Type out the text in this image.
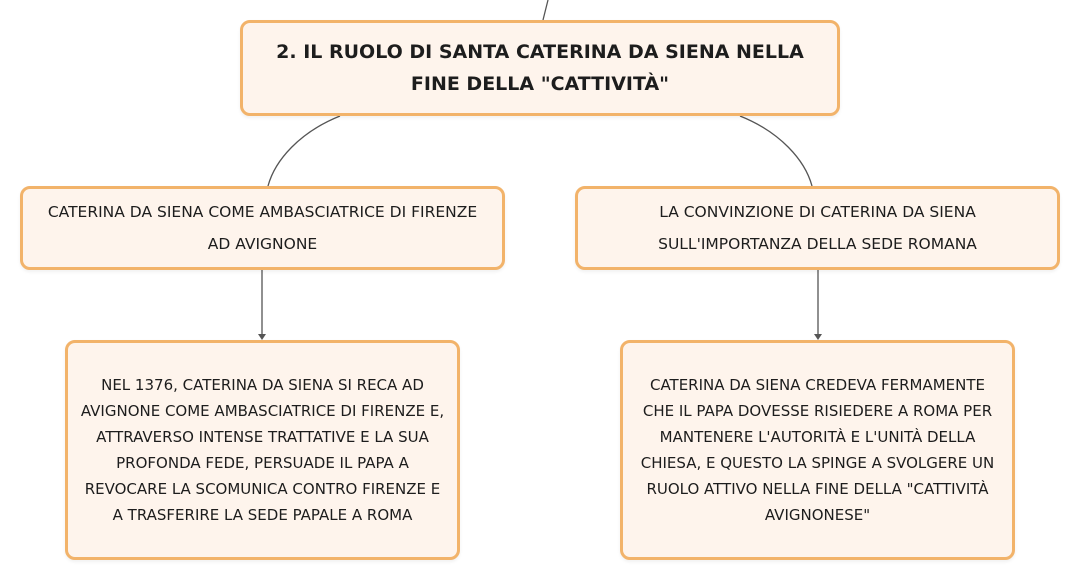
2. IL RUOLO DI SANTA CATERINA DA SIENA NELLA FINE DELLA "CATTIVITÀ"
CATERINA DA SIENA COME AMBASCIATRICE DI FIRENZE AD AVIGNONE
LA CONVINZIONE DI CATERINA DA SIENA SULL'IMPORTANZA DELLA SEDE ROMANA
NEL 1376, CATERINA DA SIENA SI RECA AD AVIGNONE COME AMBASCIATRICE DI FIRENZE E, ATTRAVERSO INTENSE TRATTATIVE E LA SUA PROFONDA FEDE, PERSUADE IL PAPA A REVOCARE LA SCOMUNICA CONTRO FIRENZE E A TRASFERIRE LA SEDE PAPALE A ROMA
CATERINA DA SIENA CREDEVA FERMAMENTE CHE IL PAPA DOVESSE RISIEDERE A ROMA PER MANTENERE L'AUTORITÀ E L'UNITÀ DELLA CHIESA, E QUESTO LA SPINGE A SVOLGERE UN RUOLO ATTIVO NELLA FINE DELLA "CATTIVITÀ AVIGNONESE"
